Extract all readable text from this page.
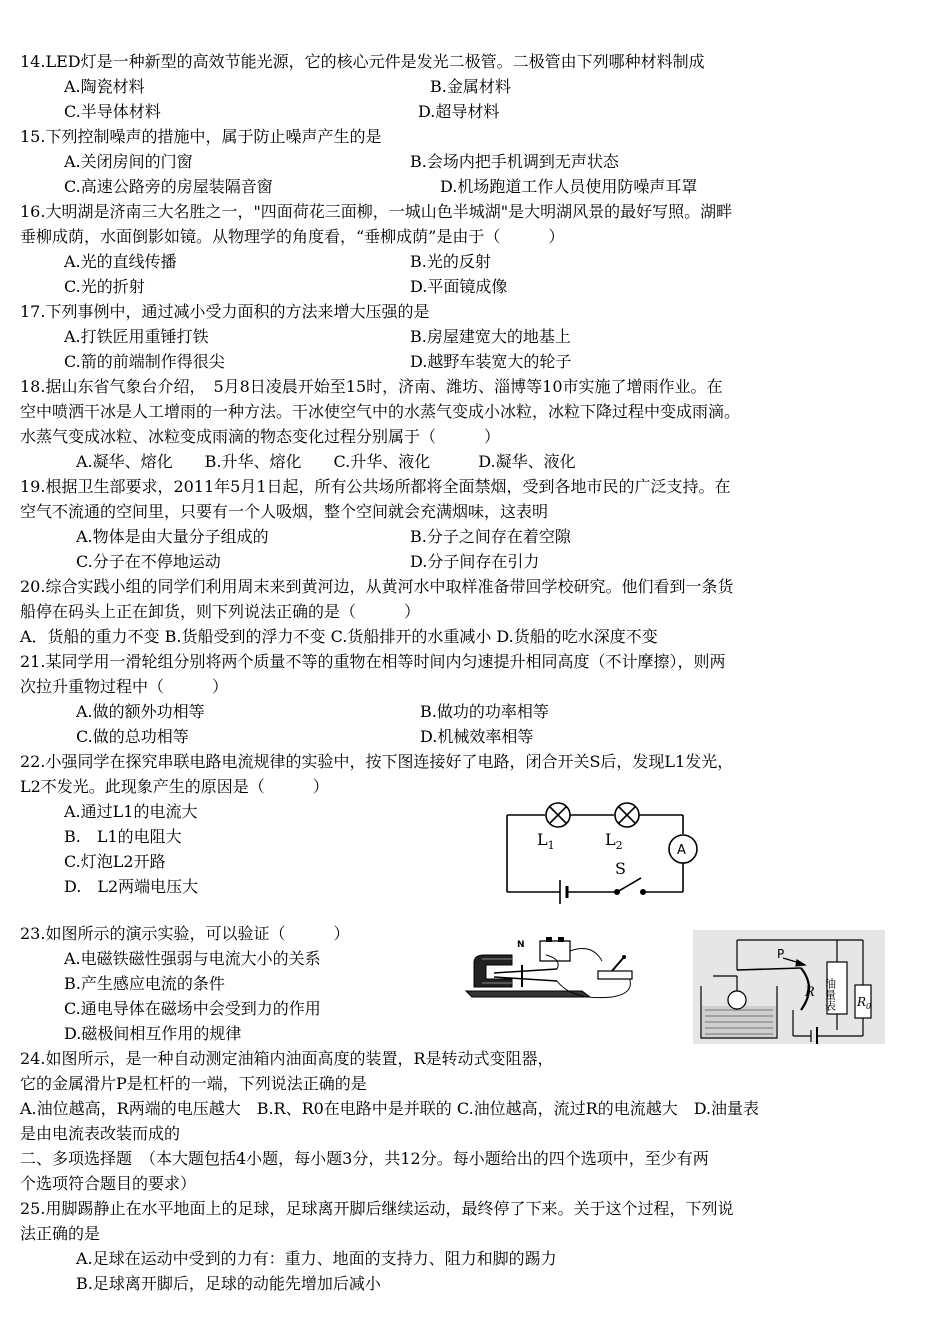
14.LED灯是一种新型的高效节能光源，它的核心元件是发光二极管。二极管由下列哪种材料制成
A.陶瓷材料	B.金属材料
C.半导体材料	D.超导材料
15.下列控制噪声的措施中，属于防止噪声产生的是
A.关闭房间的门窗	B.会场内把手机调到无声状态
C.高速公路旁的房屋装隔音窗	D.机场跑道工作人员使用防噪声耳罩
16.大明湖是济南三大名胜之一，"四面荷花三面柳，一城山色半城湖"是大明湖风景的最好写照。湖畔
垂柳成荫，水面倒影如镜。从物理学的角度看，“垂柳成荫”是由于（　　　）
A.光的直线传播	B.光的反射
C.光的折射	D.平面镜成像
17.下列事例中，通过减小受力面积的方法来增大压强的是
A.打铁匠用重锤打铁	B.房屋建宽大的地基上
C.箭的前端制作得很尖	D.越野车装宽大的轮子
18.据山东省气象台介绍，　5月8日凌晨开始至15时，济南、潍坊、淄博等10市实施了增雨作业。在
空中喷洒干冰是人工增雨的一种方法。干冰使空气中的水蒸气变成小冰粒，冰粒下降过程中变成雨滴。
水蒸气变成冰粒、冰粒变成雨滴的物态变化过程分别属于（　　　）
A.凝华、熔化　　B.升华、熔化　　C.升华、液化　　　D.凝华、液化
19.根据卫生部要求，2011年5月1日起，所有公共场所都将全面禁烟，受到各地市民的广泛支持。在
空气不流通的空间里，只要有一个人吸烟，整个空间就会充满烟味，这表明
A.物体是由大量分子组成的	B.分子之间存在着空隙
C.分子在不停地运动	D.分子间存在引力
20.综合实践小组的同学们利用周末来到黄河边，从黄河水中取样准备带回学校研究。他们看到一条货
船停在码头上正在卸货，则下列说法正确的是（　　　）
A．货船的重力不变 B.货船受到的浮力不变 C.货船排开的水重减小 D.货船的吃水深度不变
21.某同学用一滑轮组分别将两个质量不等的重物在相等时间内匀速提升相同高度（不计摩擦），则两
次拉升重物过程中（　　　）
A.做的额外功相等	B.做功的功率相等
C.做的总功相等	D.机械效率相等
22.小强同学在探究串联电路电流规律的实验中，按下图连接好了电路，闭合开关S后，发现L1发光，
L2不发光。此现象产生的原因是（　　　）
A.通过L1的电流大
B.　L1的电阻大
C.灯泡L2开路
D.　L2两端电压大
$L_1$	$L_2$	A
S
23.如图所示的演示实验，可以验证（　　　）
A.电磁铁磁性强弱与电流大小的关系
B.产生感应电流的条件
C.通电导体在磁场中会受到力的作用
D.磁极间相互作用的规律
N
P
R 油量表 $R_0$
24.如图所示，是一种自动测定油箱内油面高度的装置，R是转动式变阻器，
它的金属滑片P是杠杆的一端，下列说法正确的是
A.油位越高，R两端的电压越大　B.R、R0在电路中是并联的 C.油位越高，流过R的电流越大　D.油量表
是由电流表改装而成的
二、多项选择题　（本大题包括4小题，每小题3分，共12分。每小题给出的四个选项中，至少有两
个选项符合题目的要求）
25.用脚踢静止在水平地面上的足球，足球离开脚后继续运动，最终停了下来。关于这个过程，下列说
法正确的是
A.足球在运动中受到的力有：重力、地面的支持力、阻力和脚的踢力
B.足球离开脚后，足球的动能先增加后减小
